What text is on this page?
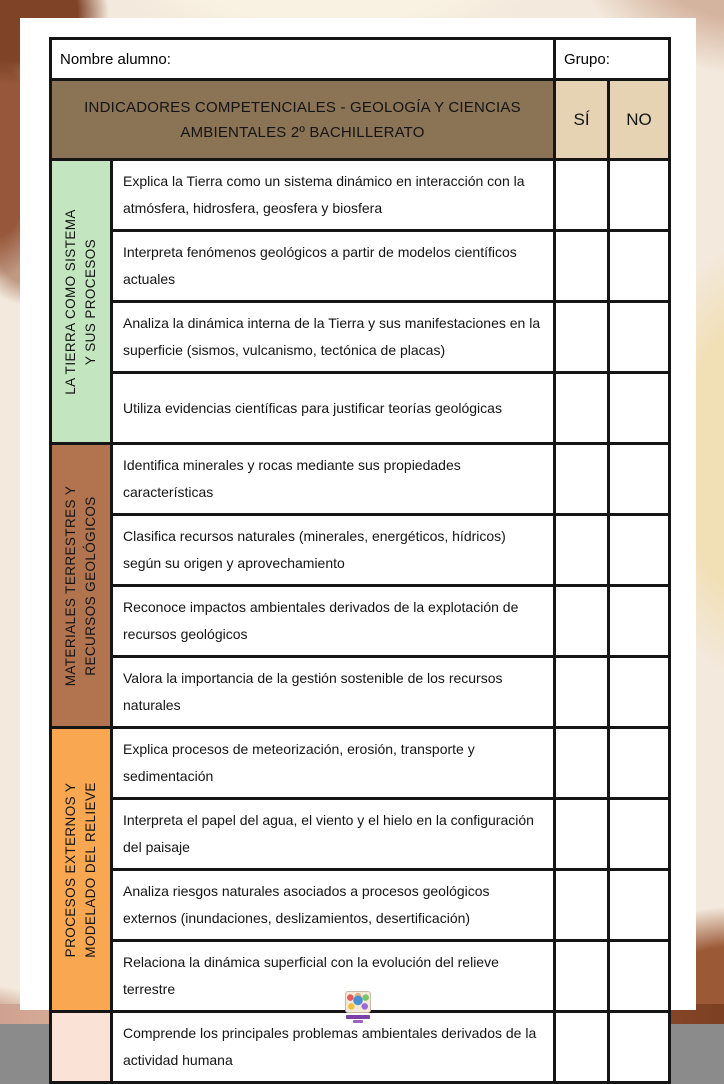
Nombre alumno:		Grupo:	
INDICADORES COMPETENCIALES - GEOLOGÍA Y CIENCIAS AMBIENTALES 2º BACHILLERATO		SÍ	NO

LA TIERRA COMO SISTEMA Y SUS PROCESOS	Explica la Tierra como un sistema dinámico en interacción con la atmósfera, hidrosfera, geosfera y biosfera		
	Interpreta fenómenos geológicos a partir de modelos científicos actuales		
	Analiza la dinámica interna de la Tierra y sus manifestaciones en la superficie (sismos, vulcanismo, tectónica de placas)		
	Utiliza evidencias científicas para justificar teorías geológicas		

MATERIALES TERRESTRES Y RECURSOS GEOLÓGICOS	Identifica minerales y rocas mediante sus propiedades características		
	Clasifica recursos naturales (minerales, energéticos, hídricos) según su origen y aprovechamiento		
	Reconoce impactos ambientales derivados de la explotación de recursos geológicos		
	Valora la importancia de la gestión sostenible de los recursos naturales		

PROCESOS EXTERNOS Y MODELADO DEL RELIEVE	Explica procesos de meteorización, erosión, transporte y sedimentación		
	Interpreta el papel del agua, el viento y el hielo en la configuración del paisaje		
	Analiza riesgos naturales asociados a procesos geológicos externos (inundaciones, deslizamientos, desertificación)		
	Relaciona la dinámica superficial con la evolución del relieve terrestre		

	Comprende los principales problemas ambientales derivados de la actividad humana		
